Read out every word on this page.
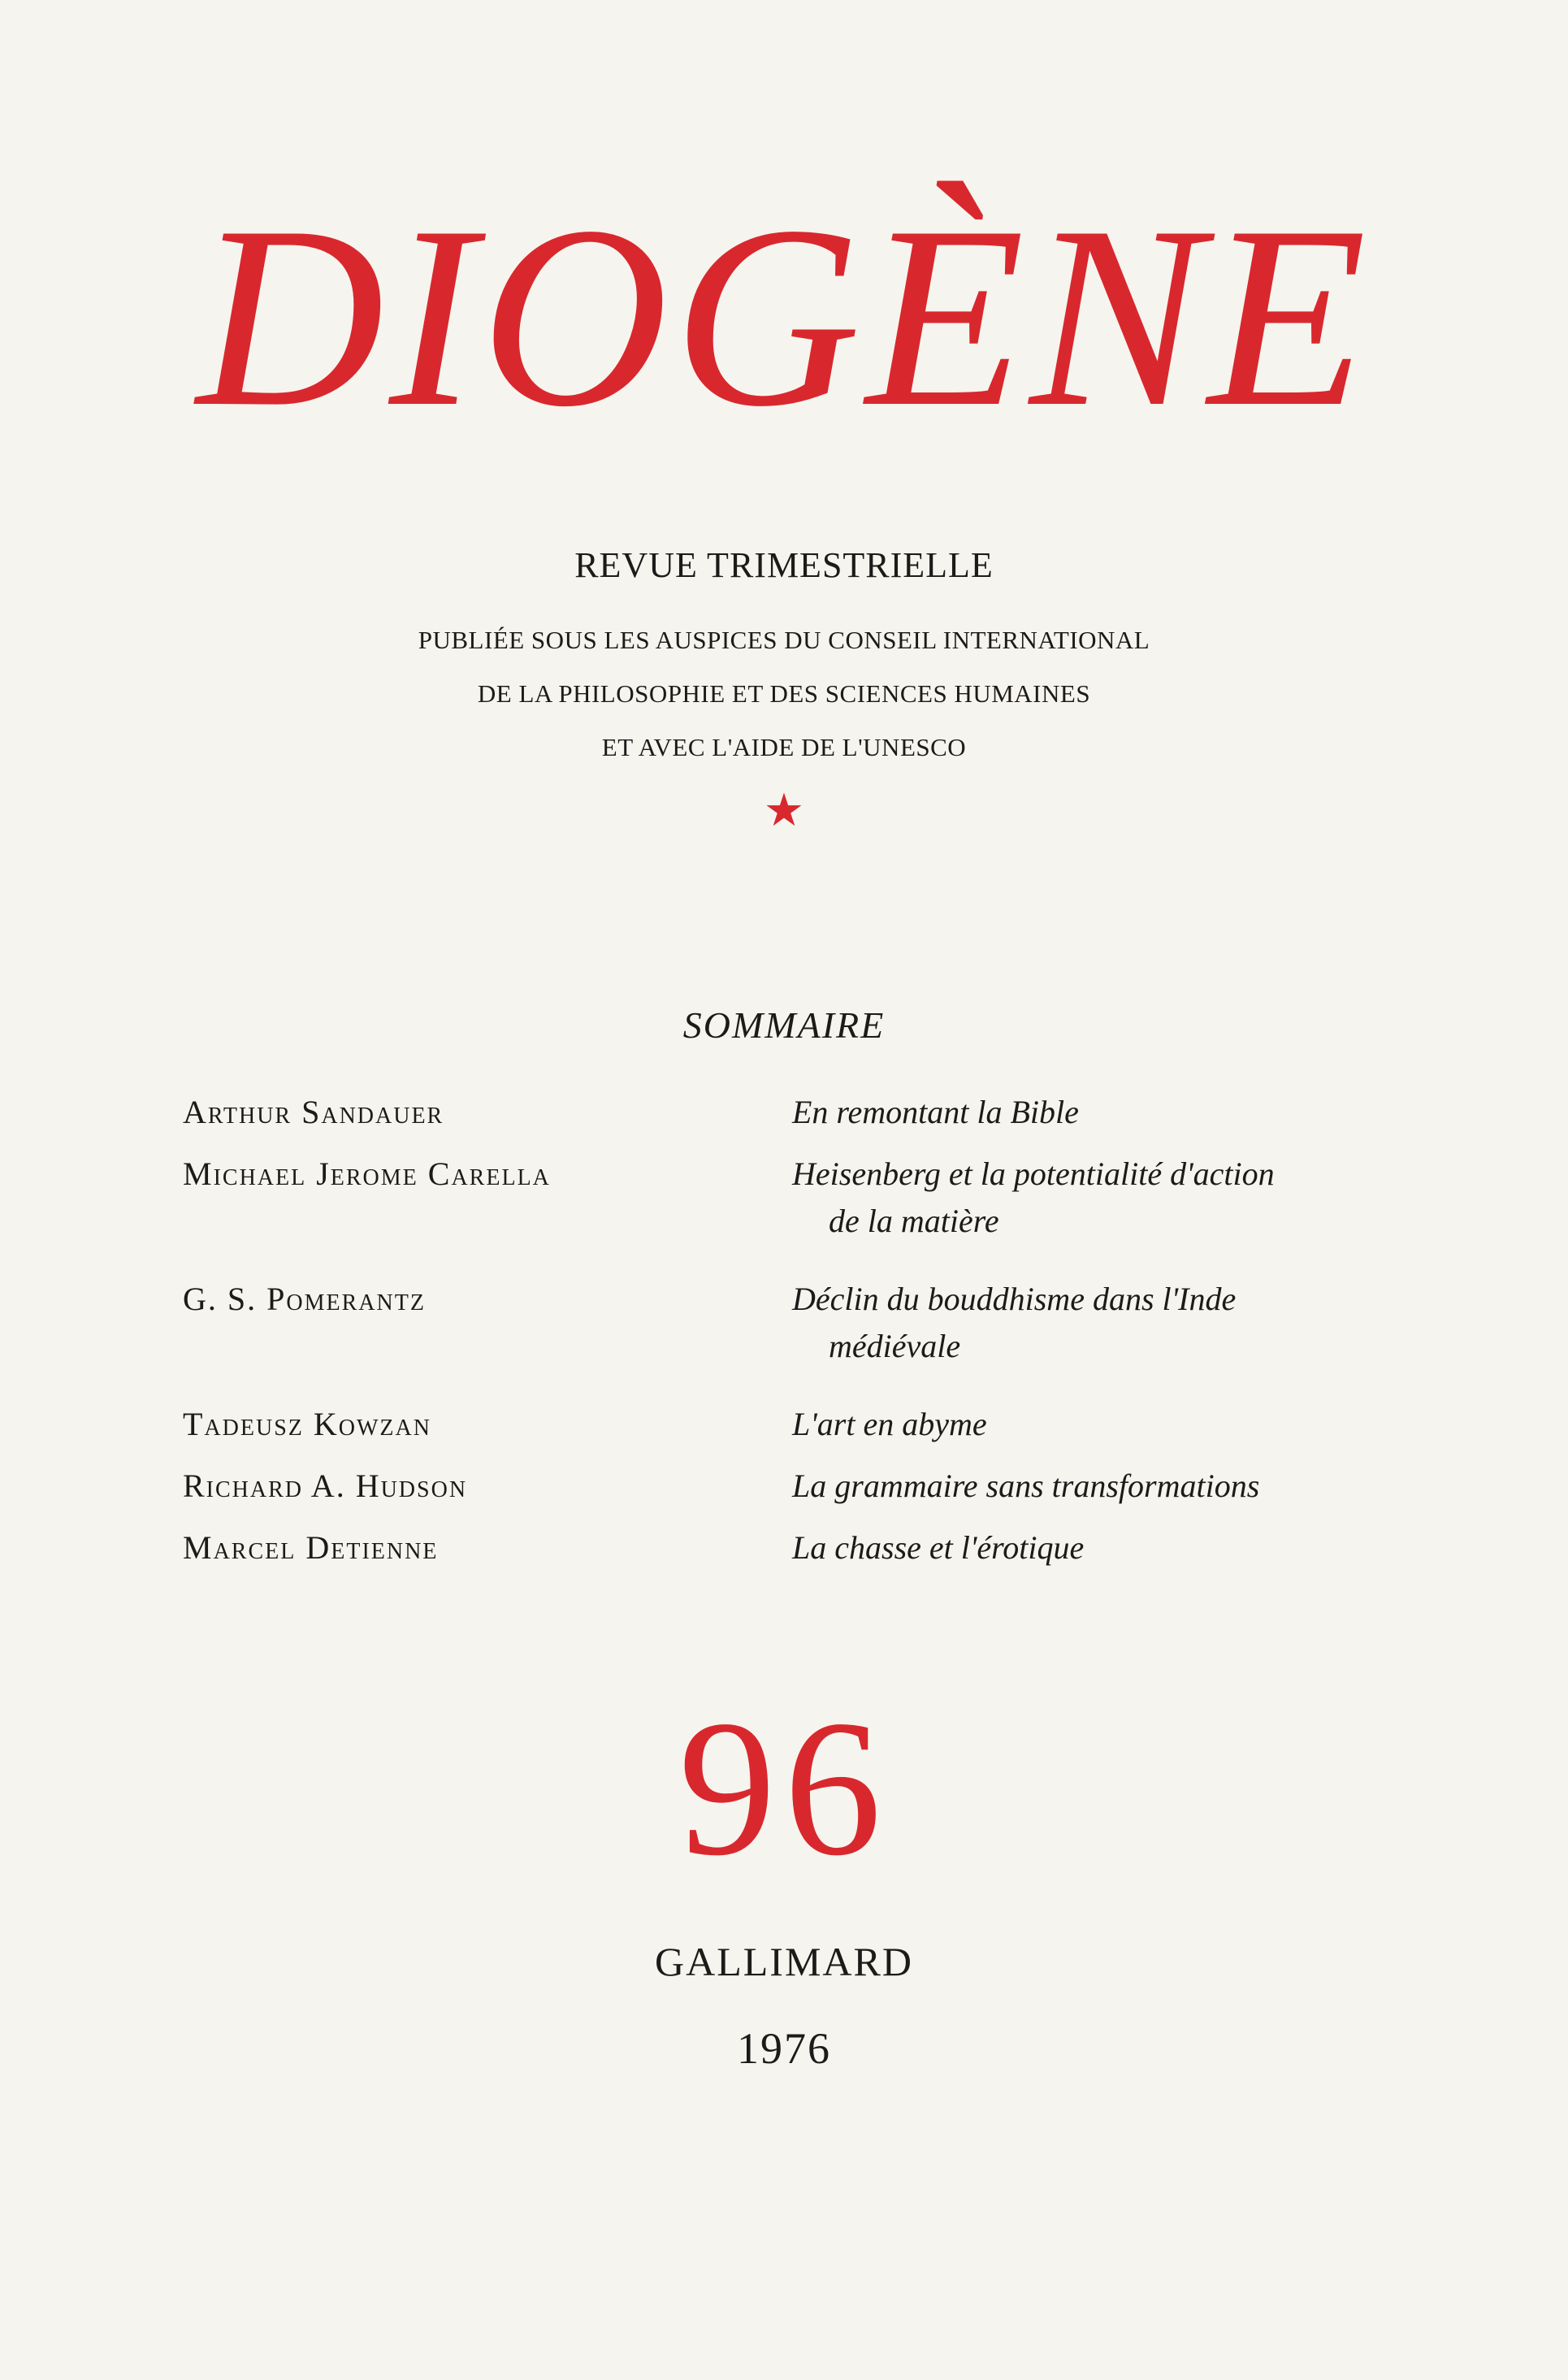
DIOGÈNE
REVUE TRIMESTRIELLE
PUBLIÉE SOUS LES AUSPICES DU CONSEIL INTERNATIONAL
DE LA PHILOSOPHIE ET DES SCIENCES HUMAINES
ET AVEC L'AIDE DE L'UNESCO
★
SOMMAIRE
Arthur Sandauer	En remontant la Bible
Michael Jerome Carella	Heisenberg et la potentialité d'action
de la matière
G. S. Pomerantz	Déclin du bouddhisme dans l'Inde
médiévale
Tadeusz Kowzan	L'art en abyme
Richard A. Hudson	La grammaire sans transformations
Marcel Detienne	La chasse et l'érotique
96
GALLIMARD
1976
